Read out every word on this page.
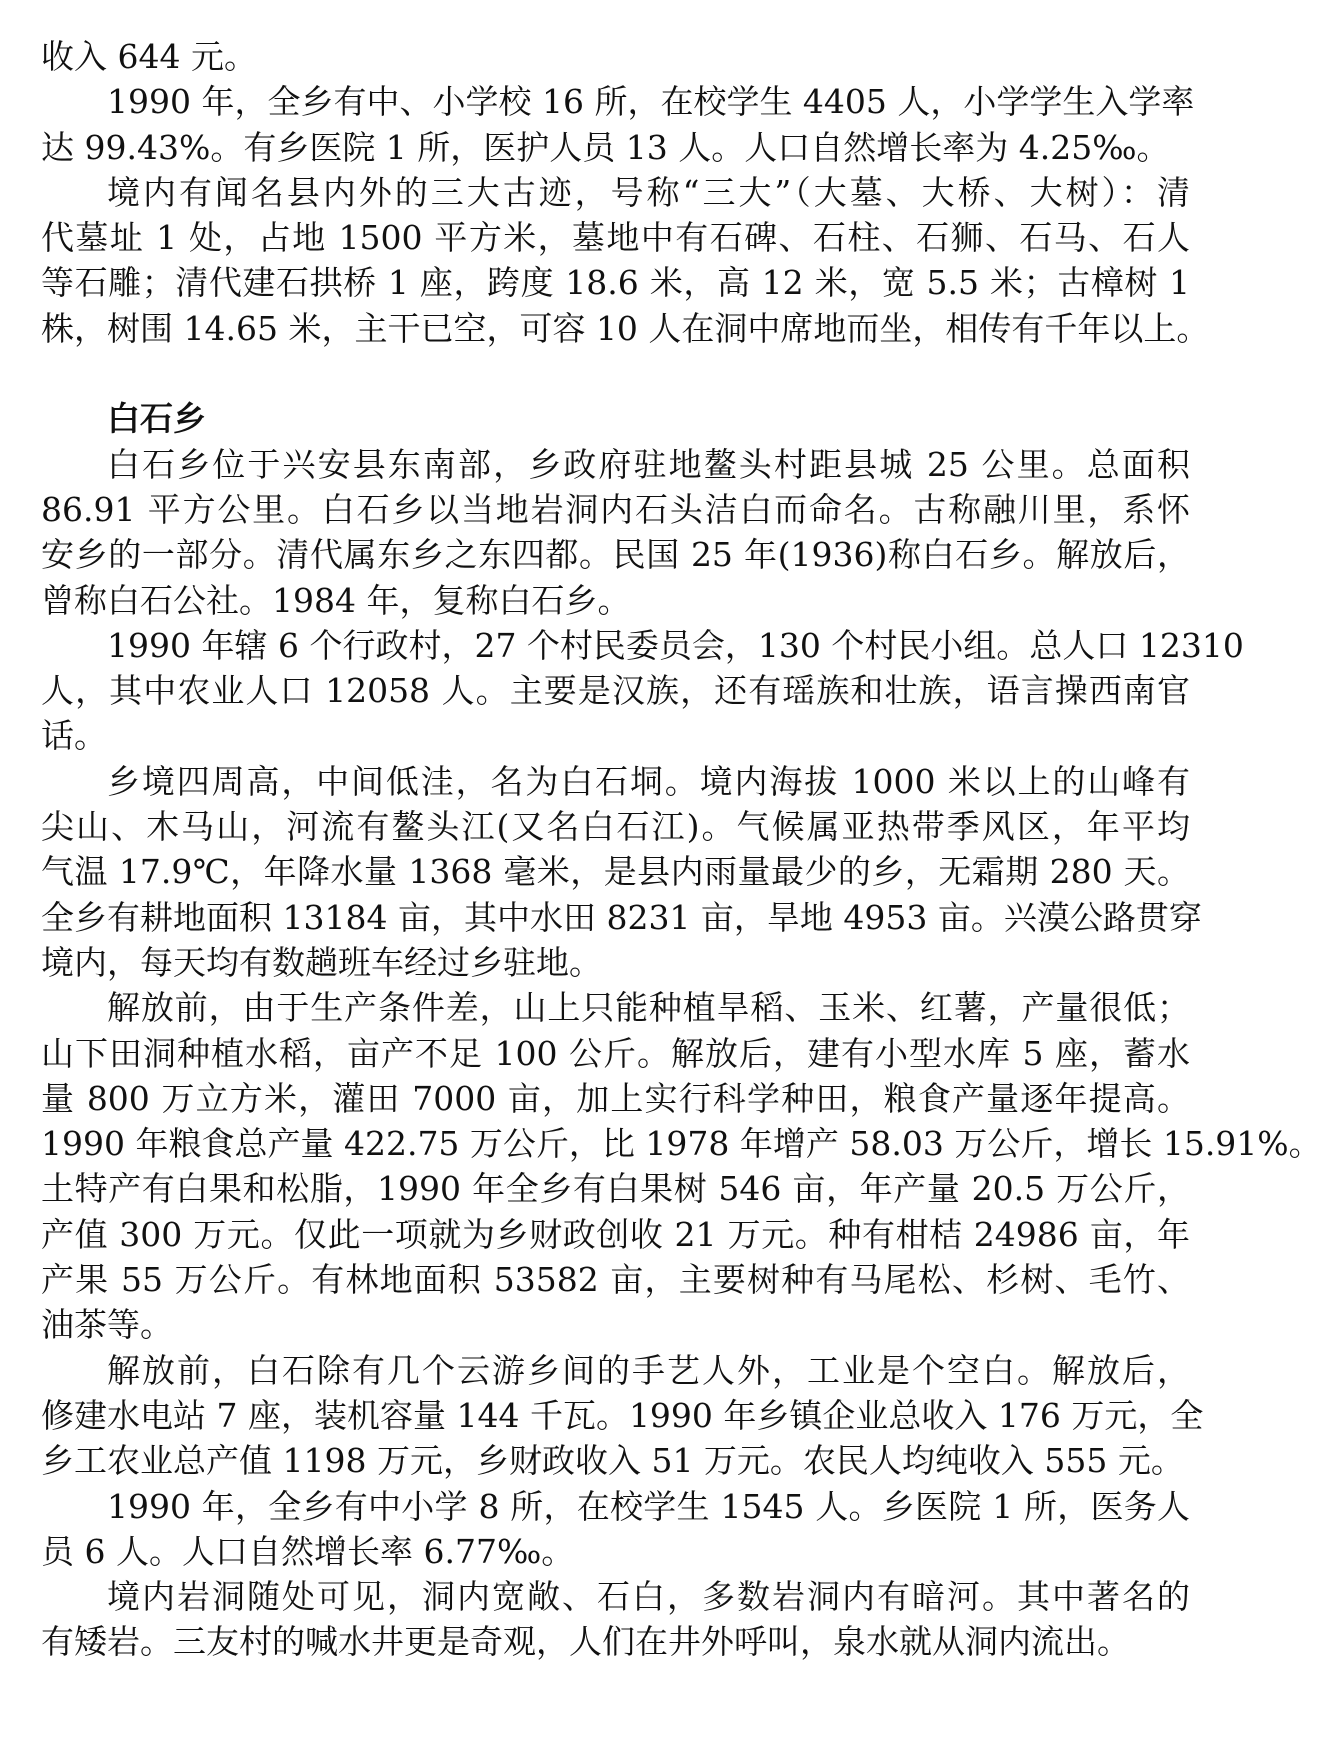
收入 644 元。
1990 年，全乡有中、小学校 16 所，在校学生 4405 人，小学学生入学率
达 99.43%。有乡医院 1 所，医护人员 13 人。人口自然增长率为 4.25‰。
境内有闻名县内外的三大古迹，号称“三大”（大墓、大桥、大树）：清
代墓址 1 处，占地 1500 平方米，墓地中有石碑、石柱、石狮、石马、石人
等石雕；清代建石拱桥 1 座，跨度 18.6 米，高 12 米，宽 5.5 米；古樟树 1
株，树围 14.65 米，主干已空，可容 10 人在洞中席地而坐，相传有千年以上。
白石乡
白石乡位于兴安县东南部，乡政府驻地鳌头村距县城 25 公里。总面积
86.91 平方公里。白石乡以当地岩洞内石头洁白而命名。古称融川里，系怀
安乡的一部分。清代属东乡之东四都。民国 25 年(1936)称白石乡。解放后，
曾称白石公社。1984 年，复称白石乡。
1990 年辖 6 个行政村，27 个村民委员会，130 个村民小组。总人口 12310
人，其中农业人口 12058 人。主要是汉族，还有瑶族和壮族，语言操西南官
话。
乡境四周高，中间低洼，名为白石垌。境内海拔 1000 米以上的山峰有
尖山、木马山，河流有鳌头江(又名白石江)。气候属亚热带季风区，年平均
气温 17.9℃，年降水量 1368 毫米，是县内雨量最少的乡，无霜期 280 天。
全乡有耕地面积 13184 亩，其中水田 8231 亩，旱地 4953 亩。兴漠公路贯穿
境内，每天均有数趟班车经过乡驻地。
解放前，由于生产条件差，山上只能种植旱稻、玉米、红薯，产量很低；
山下田洞种植水稻，亩产不足 100 公斤。解放后，建有小型水库 5 座，蓄水
量 800 万立方米，灌田 7000 亩，加上实行科学种田，粮食产量逐年提高。
1990 年粮食总产量 422.75 万公斤，比 1978 年增产 58.03 万公斤，增长 15.91%。
土特产有白果和松脂，1990 年全乡有白果树 546 亩，年产量 20.5 万公斤，
产值 300 万元。仅此一项就为乡财政创收 21 万元。种有柑桔 24986 亩，年
产果 55 万公斤。有林地面积 53582 亩，主要树种有马尾松、杉树、毛竹、
油茶等。
解放前，白石除有几个云游乡间的手艺人外，工业是个空白。解放后，
修建水电站 7 座，装机容量 144 千瓦。1990 年乡镇企业总收入 176 万元，全
乡工农业总产值 1198 万元，乡财政收入 51 万元。农民人均纯收入 555 元。
1990 年，全乡有中小学 8 所，在校学生 1545 人。乡医院 1 所，医务人
员 6 人。人口自然增长率 6.77‰。
境内岩洞随处可见，洞内宽敞、石白，多数岩洞内有暗河。其中著名的
有矮岩。三友村的喊水井更是奇观，人们在井外呼叫，泉水就从洞内流出。
